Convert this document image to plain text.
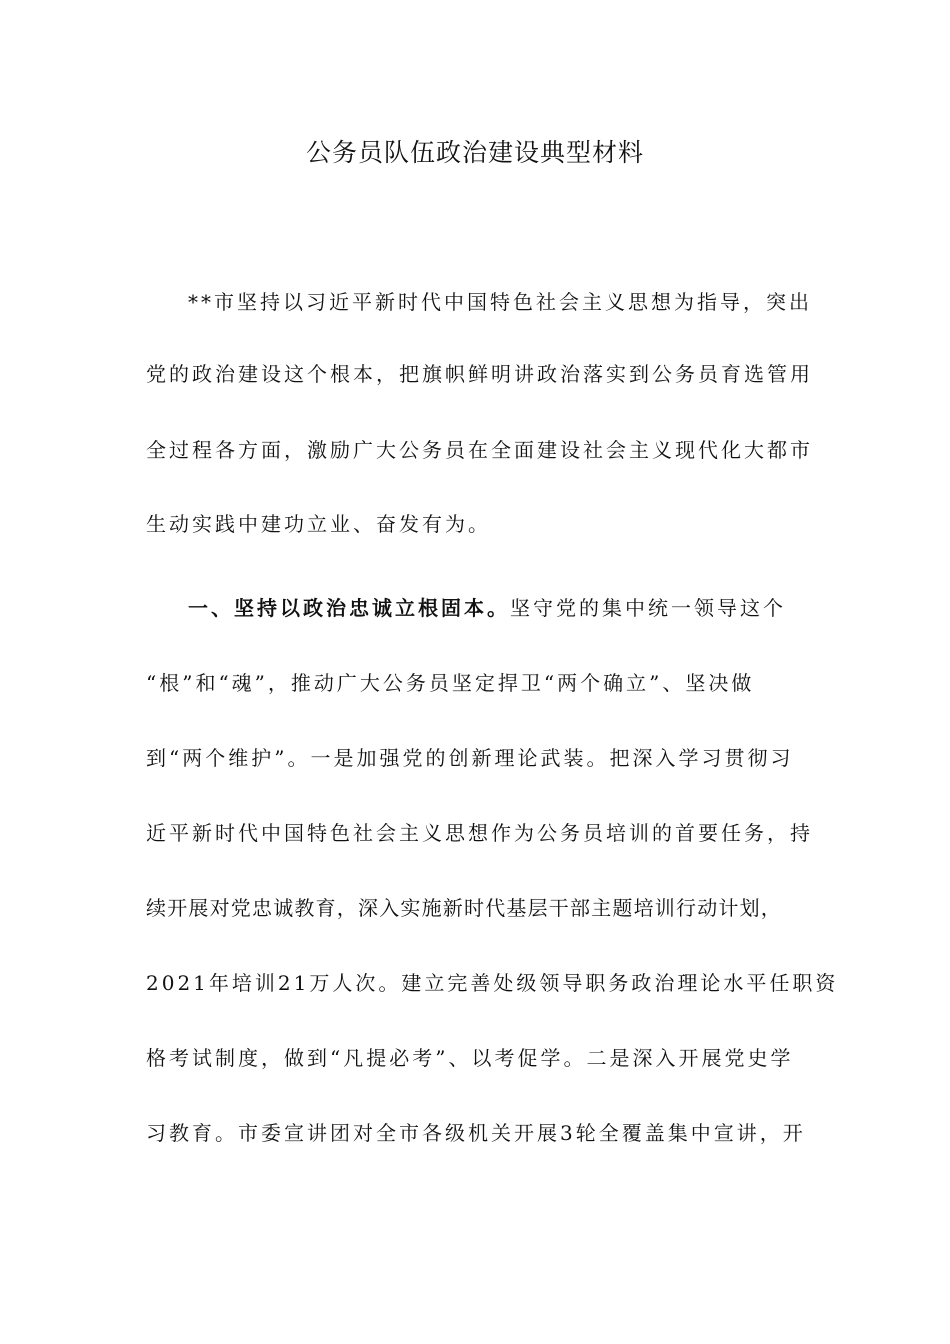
公务员队伍政治建设典型材料
**市坚持以习近平新时代中国特色社会主义思想为指导，突出
党的政治建设这个根本，把旗帜鲜明讲政治落实到公务员育选管用
全过程各方面，激励广大公务员在全面建设社会主义现代化大都市
生动实践中建功立业、奋发有为。
一、坚持以政治忠诚立根固本。坚守党的集中统一领导这个
“根”和“魂”，推动广大公务员坚定捍卫“两个确立”、坚决做
到“两个维护”。一是加强党的创新理论武装。把深入学习贯彻习
近平新时代中国特色社会主义思想作为公务员培训的首要任务，持
续开展对党忠诚教育，深入实施新时代基层干部主题培训行动计划，
2021年培训21万人次。建立完善处级领导职务政治理论水平任职资
格考试制度，做到“凡提必考”、以考促学。二是深入开展党史学
习教育。市委宣讲团对全市各级机关开展3轮全覆盖集中宣讲，开
